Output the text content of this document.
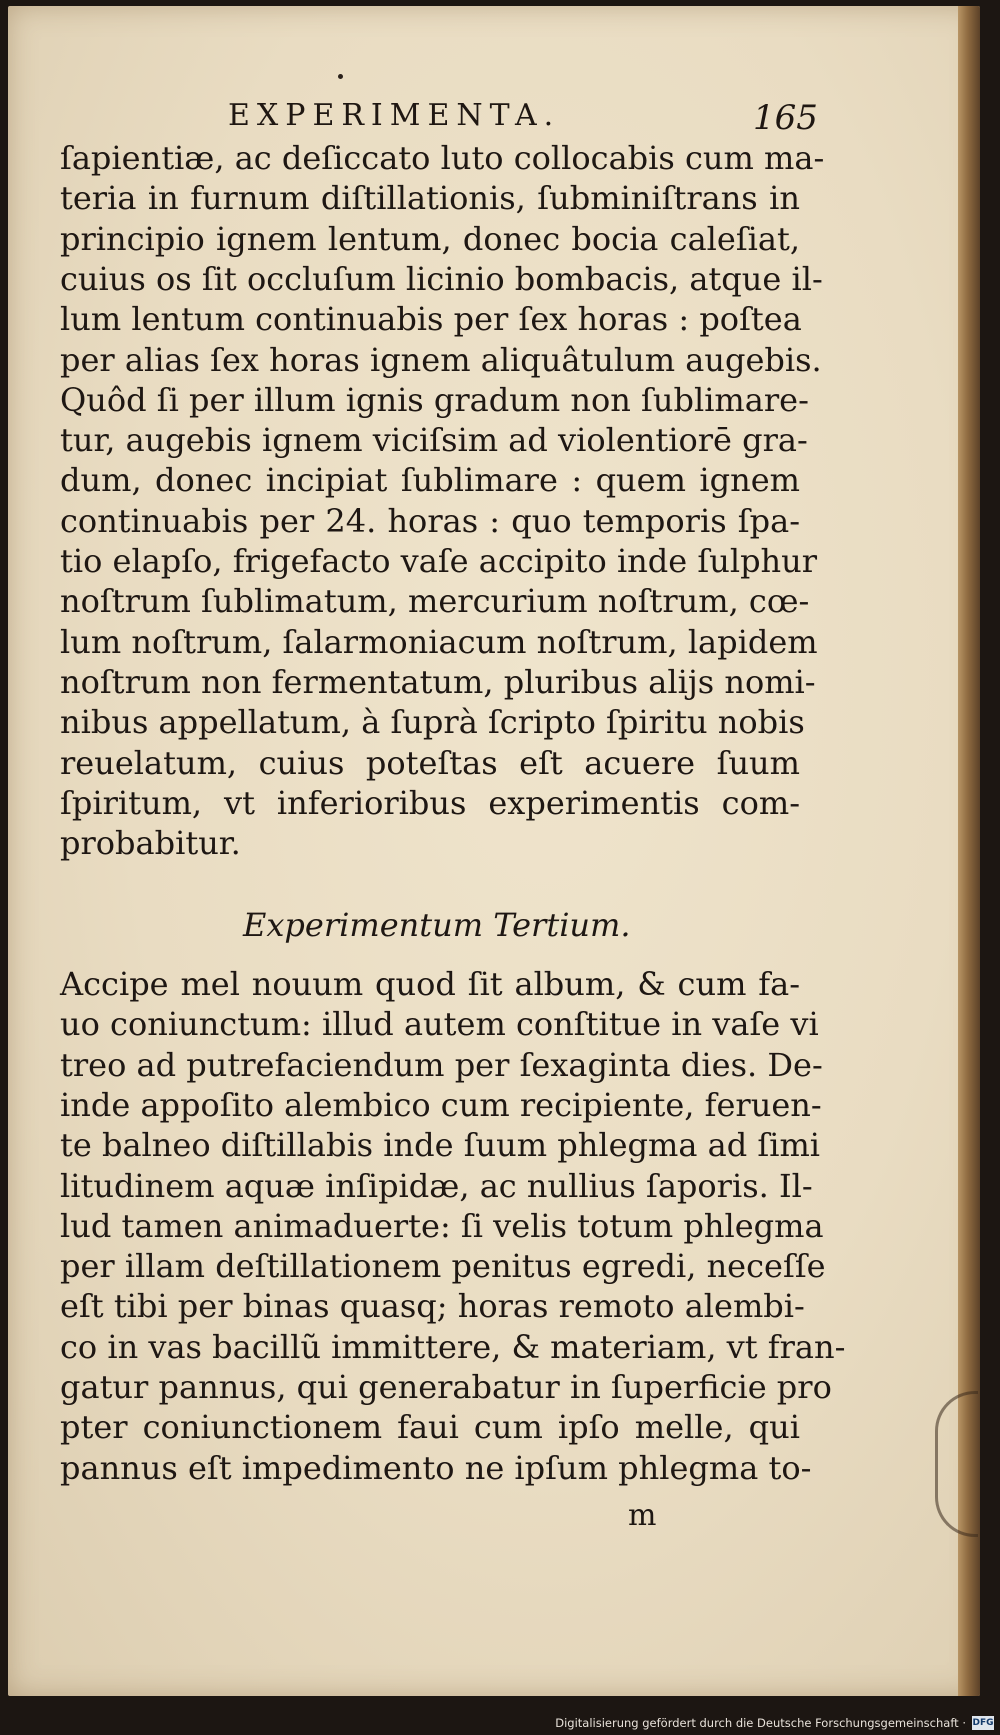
EXPERIMENTA.	165
ſapientiæ, ac deſiccato luto collocabis cum ma-
teria in furnum diſtillationis, ſubminiſtrans in
principio ignem lentum, donec bocia caleſiat,
cuius os ſit occluſum licinio bombacis, atque il-
lum lentum continuabis per ſex horas : poſtea
per alias ſex horas ignem aliquâtulum augebis.
Quôd ſi per illum ignis gradum non ſublimare-
tur, augebis ignem viciſsim ad violentiorē gra-
dum, donec incipiat ſublimare : quem ignem
continuabis per 24. horas : quo temporis ſpa-
tio elapſo, frigefacto vaſe accipito inde ſulphur
noſtrum ſublimatum, mercurium noſtrum, cœ-
lum noſtrum, ſalarmoniacum noſtrum, lapidem
noſtrum non fermentatum, pluribus alijs nomi-
nibus appellatum, à ſuprà ſcripto ſpiritu nobis
reuelatum, cuius poteſtas eſt acuere ſuum
ſpiritum, vt inferioribus experimentis com-
probabitur.
Experimentum Tertium.
Accipe mel nouum quod ſit album, & cum fa-
uo coniunctum: illud autem conſtitue in vaſe vi
treo ad putrefaciendum per ſexaginta dies. De-
inde appoſito alembico cum recipiente, feruen-
te balneo diſtillabis inde ſuum phlegma ad ſimi
litudinem aquæ inſipidæ, ac nullius ſaporis. Il-
lud tamen animaduerte: ſi velis totum phlegma
per illam deſtillationem penitus egredi, neceſſe
eſt tibi per binas quasq; horas remoto alembi-
co in vas bacillũ immittere, & materiam, vt fran-
gatur pannus, qui generabatur in ſuperficie pro
pter coniunctionem faui cum ipſo melle, qui
pannus eſt impedimento ne ipſum phlegma to-
m
Digitalisierung gefördert durch die Deutsche Forschungsgemeinschaft · DFG
